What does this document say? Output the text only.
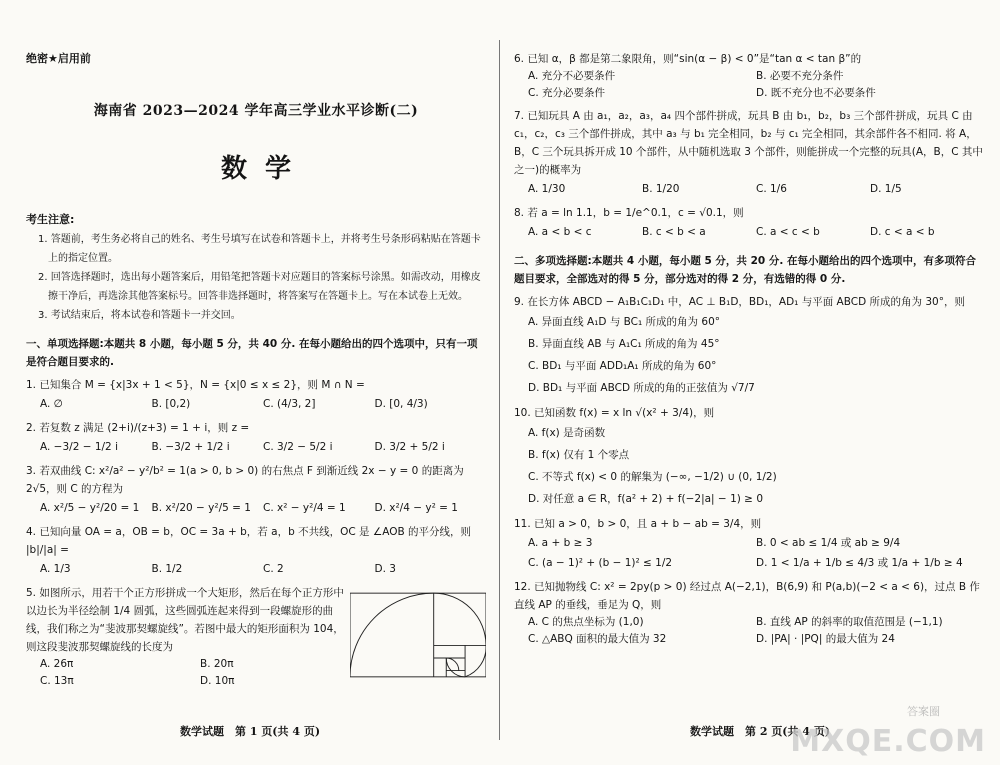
绝密★启用前
海南省 2023—2024 学年高三学业水平诊断(二)
数学
考生注意:
1. 答题前，考生务必将自己的姓名、考生号填写在试卷和答题卡上，并将考生号条形码粘贴在答题卡上的指定位置。
2. 回答选择题时，选出每小题答案后，用铅笔把答题卡对应题目的答案标号涂黑。如需改动，用橡皮擦干净后，再选涂其他答案标号。回答非选择题时，将答案写在答题卡上。写在本试卷上无效。
3. 考试结束后，将本试卷和答题卡一并交回。
一、单项选择题:本题共 8 小题，每小题 5 分，共 40 分. 在每小题给出的四个选项中，只有一项是符合题目要求的.
1. 已知集合 M = {x|3x + 1 < 5}，N = {x|0 ≤ x ≤ 2}，则 M ∩ N =
A. ∅	B. [0,2)	C. (4/3, 2]	D. [0, 4/3)
2. 若复数 z 满足 (2+i)/(z+3) = 1 + i，则 z =
A. −3/2 − 1/2 i	B. −3/2 + 1/2 i	C. 3/2 − 5/2 i	D. 3/2 + 5/2 i
3. 若双曲线 C: x²/a² − y²/b² = 1(a > 0, b > 0) 的右焦点 F 到渐近线 2x − y = 0 的距离为 2√5，则 C 的方程为
A. x²/5 − y²/20 = 1	B. x²/20 − y²/5 = 1	C. x² − y²/4 = 1	D. x²/4 − y² = 1
4. 已知向量 OA = a，OB = b，OC = 3a + b，若 a，b 不共线，OC 是 ∠AOB 的平分线，则 |b|/|a| =
A. 1/3	B. 1/2	C. 2	D. 3
5. 如图所示，用若干个正方形拼成一个大矩形，然后在每个正方形中以边长为半径绘制 1/4 圆弧，这些圆弧连起来得到一段螺旋形的曲线，我们称之为“斐波那契螺旋线”。若图中最大的矩形面积为 104，则这段斐波那契螺旋线的长度为
A. 26π	B. 20π
C. 13π	D. 10π
数学试题　第 1 页(共 4 页)
6. 已知 α，β 都是第二象限角，则“sin(α − β) < 0”是“tan α < tan β”的
A. 充分不必要条件	B. 必要不充分条件
C. 充分必要条件	D. 既不充分也不必要条件
7. 已知玩具 A 由 a₁，a₂，a₃，a₄ 四个部件拼成，玩具 B 由 b₁，b₂，b₃ 三个部件拼成，玩具 C 由 c₁，c₂，c₃ 三个部件拼成，其中 a₃ 与 b₁ 完全相同，b₂ 与 c₁ 完全相同，其余部件各不相同. 将 A，B，C 三个玩具拆开成 10 个部件，从中随机选取 3 个部件，则能拼成一个完整的玩具(A，B，C 其中之一)的概率为
A. 1/30	B. 1/20	C. 1/6	D. 1/5
8. 若 a = ln 1.1，b = 1/e^0.1，c = √0.1，则
A. a < b < c	B. c < b < a	C. a < c < b	D. c < a < b
二、多项选择题:本题共 4 小题，每小题 5 分，共 20 分. 在每小题给出的四个选项中，有多项符合题目要求，全部选对的得 5 分，部分选对的得 2 分，有选错的得 0 分.
9. 在长方体 ABCD − A₁B₁C₁D₁ 中，AC ⊥ B₁D，BD₁，AD₁ 与平面 ABCD 所成的角为 30°，则
A. 异面直线 A₁D 与 BC₁ 所成的角为 60°
B. 异面直线 AB 与 A₁C₁ 所成的角为 45°
C. BD₁ 与平面 ADD₁A₁ 所成的角为 60°
D. BD₁ 与平面 ABCD 所成的角的正弦值为 √7/7
10. 已知函数 f(x) = x ln √(x² + 3/4)，则
A. f(x) 是奇函数
B. f(x) 仅有 1 个零点
C. 不等式 f(x) < 0 的解集为 (−∞, −1/2) ∪ (0, 1/2)
D. 对任意 a ∈ R，f(a² + 2) + f(−2|a| − 1) ≥ 0
11. 已知 a > 0，b > 0，且 a + b − ab = 3/4，则
A. a + b ≥ 3	B. 0 < ab ≤ 1/4 或 ab ≥ 9/4
C. (a − 1)² + (b − 1)² ≤ 1/2	D. 1 < 1/a + 1/b ≤ 4/3 或 1/a + 1/b ≥ 4
12. 已知抛物线 C: x² = 2py(p > 0) 经过点 A(−2,1)，B(6,9) 和 P(a,b)(−2 < a < 6)，过点 B 作直线 AP 的垂线，垂足为 Q，则
A. C 的焦点坐标为 (1,0)	B. 直线 AP 的斜率的取值范围是 (−1,1)
C. △ABQ 面积的最大值为 32	D. |PA| · |PQ| 的最大值为 24
数学试题　第 2 页(共 4 页)
答案圈
MXQE.COM
